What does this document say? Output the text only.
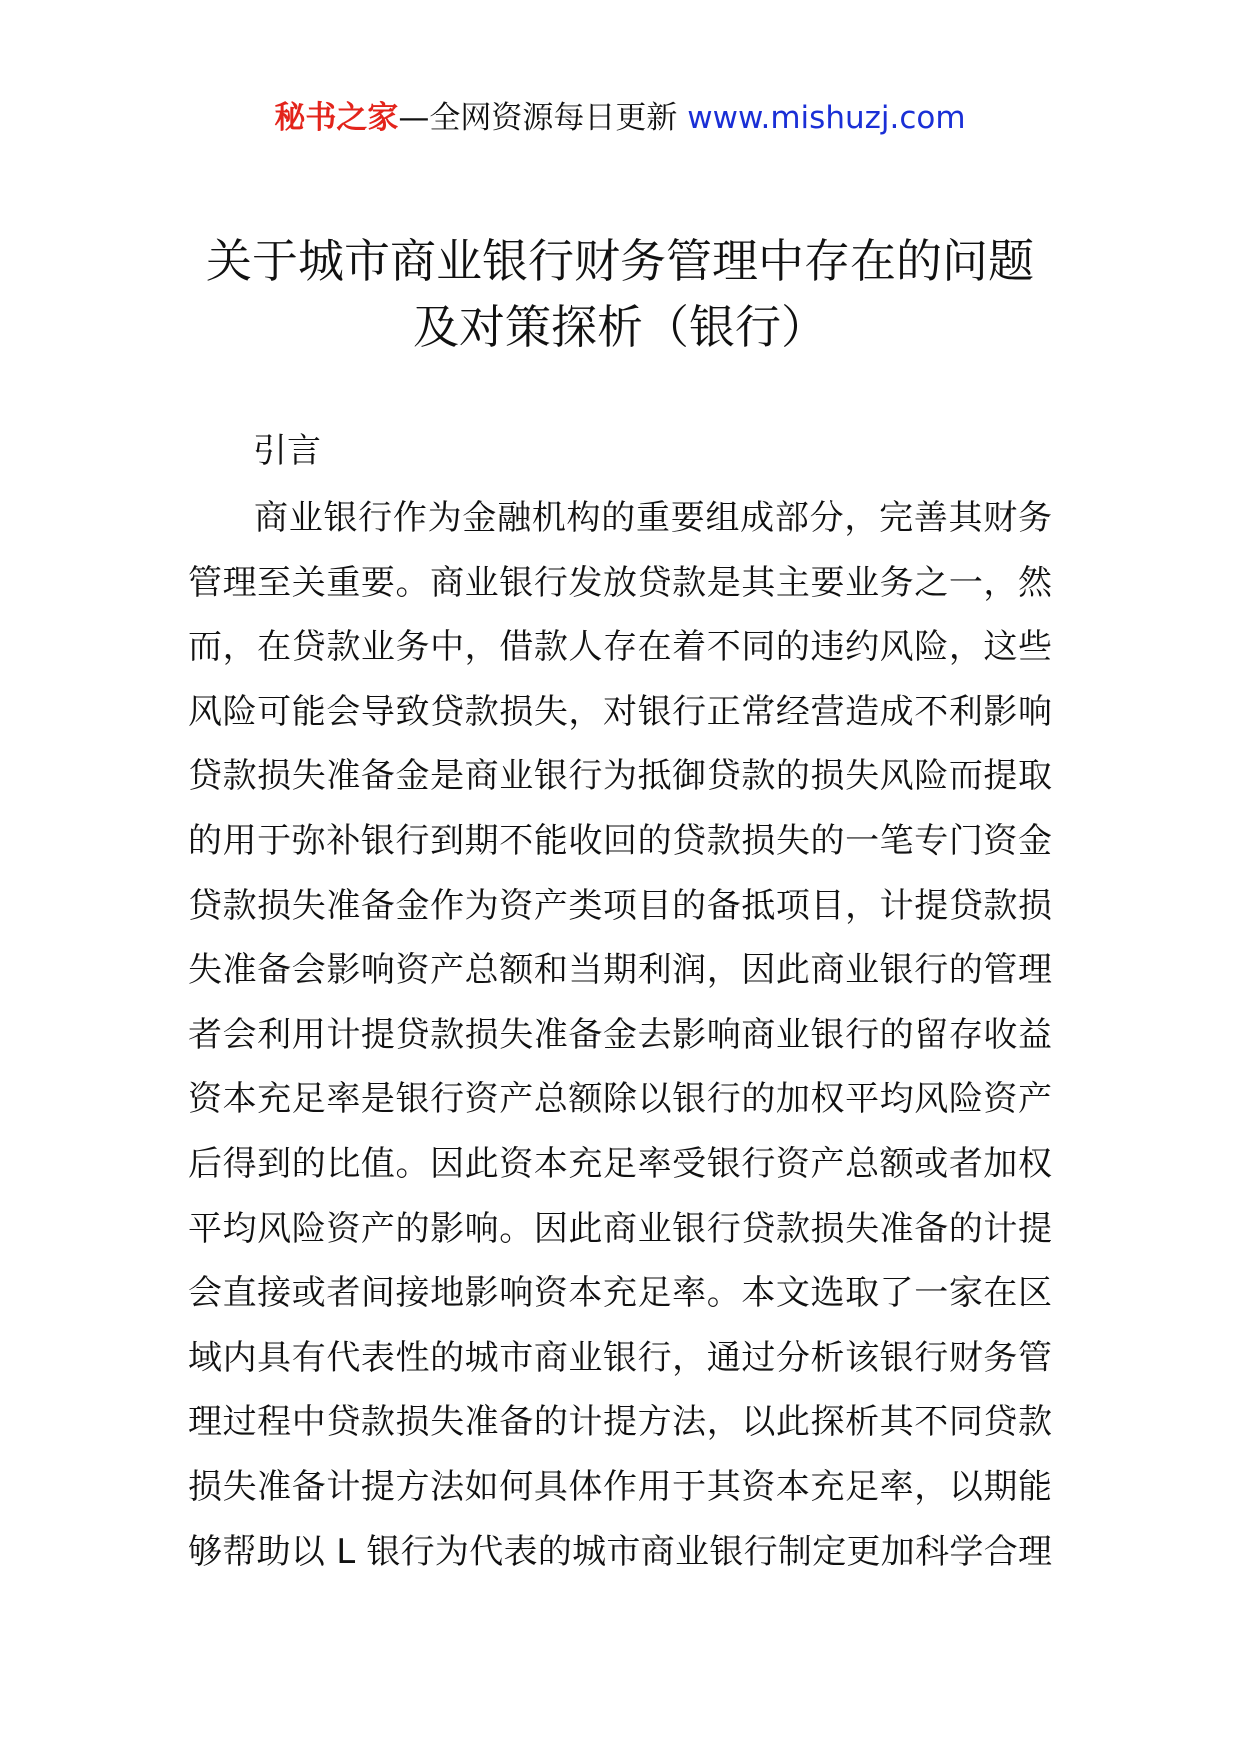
秘书之家—全网资源每日更新 www.mishuzj.com
关于城市商业银行财务管理中存在的问题
及对策探析（银行）
引言
商业银行作为金融机构的重要组成部分，完善其财务
管理至关重要。商业银行发放贷款是其主要业务之一，然
而，在贷款业务中，借款人存在着不同的违约风险，这些
风险可能会导致贷款损失，对银行正常经营造成不利影响
贷款损失准备金是商业银行为抵御贷款的损失风险而提取
的用于弥补银行到期不能收回的贷款损失的一笔专门资金
贷款损失准备金作为资产类项目的备抵项目，计提贷款损
失准备会影响资产总额和当期利润，因此商业银行的管理
者会利用计提贷款损失准备金去影响商业银行的留存收益
资本充足率是银行资产总额除以银行的加权平均风险资产
后得到的比值。因此资本充足率受银行资产总额或者加权
平均风险资产的影响。因此商业银行贷款损失准备的计提
会直接或者间接地影响资本充足率。本文选取了一家在区
域内具有代表性的城市商业银行，通过分析该银行财务管
理过程中贷款损失准备的计提方法，以此探析其不同贷款
损失准备计提方法如何具体作用于其资本充足率，以期能
够帮助以 L 银行为代表的城市商业银行制定更加科学合理
